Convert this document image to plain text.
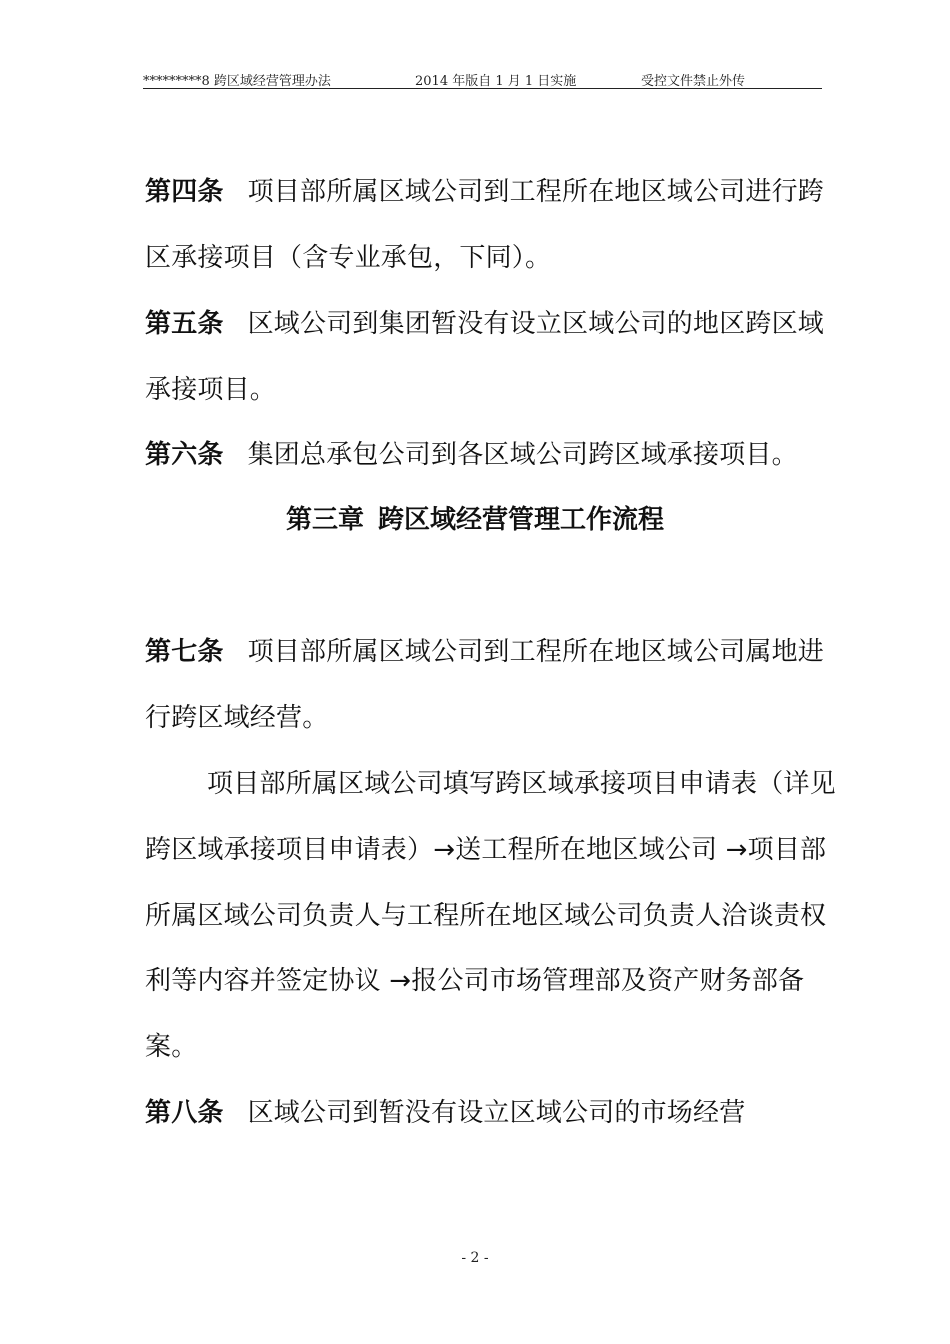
*********8 跨区域经营管理办法	2014 年版自 1 月 1 日实施	受控文件禁止外传
第四条 项目部所属区域公司到工程所在地区域公司进行跨
区承接项目（含专业承包，下同）。
第五条 区域公司到集团暂没有设立区域公司的地区跨区域
承接项目。
第六条 集团总承包公司到各区域公司跨区域承接项目。
第三章 跨区域经营管理工作流程
第七条 项目部所属区域公司到工程所在地区域公司属地进
行跨区域经营。
项目部所属区域公司填写跨区域承接项目申请表（详见
跨区域承接项目申请表）→送工程所在地区域公司 →项目部
所属区域公司负责人与工程所在地区域公司负责人洽谈责权
利等内容并签定协议 →报公司市场管理部及资产财务部备
案。
第八条 区域公司到暂没有设立区域公司的市场经营
- 2 -
